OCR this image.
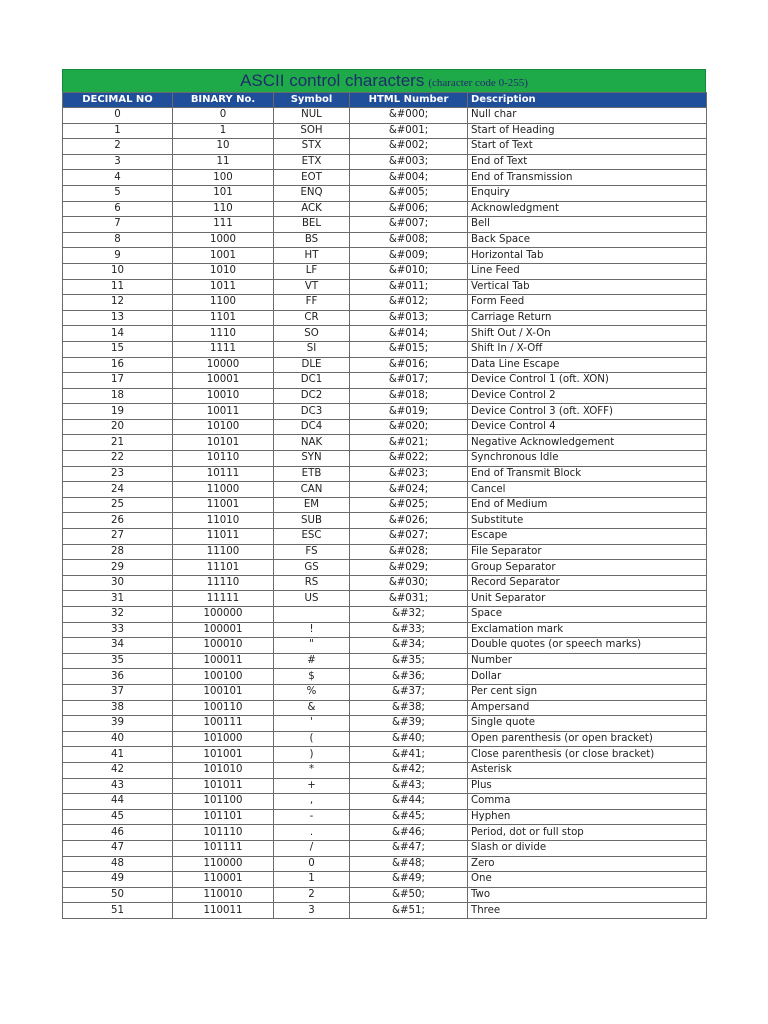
ASCII control characters (character code 0-255)
DECIMAL NO	BINARY No.	Symbol	HTML Number	Description
0	0	NUL	&#000;	Null char
1	1	SOH	&#001;	Start of Heading
2	10	STX	&#002;	Start of Text
3	11	ETX	&#003;	End of Text
4	100	EOT	&#004;	End of Transmission
5	101	ENQ	&#005;	Enquiry
6	110	ACK	&#006;	Acknowledgment
7	111	BEL	&#007;	Bell
8	1000	BS	&#008;	Back Space
9	1001	HT	&#009;	Horizontal Tab
10	1010	LF	&#010;	Line Feed
11	1011	VT	&#011;	Vertical Tab
12	1100	FF	&#012;	Form Feed
13	1101	CR	&#013;	Carriage Return
14	1110	SO	&#014;	Shift Out / X-On
15	1111	SI	&#015;	Shift In / X-Off
16	10000	DLE	&#016;	Data Line Escape
17	10001	DC1	&#017;	Device Control 1 (oft. XON)
18	10010	DC2	&#018;	Device Control 2
19	10011	DC3	&#019;	Device Control 3 (oft. XOFF)
20	10100	DC4	&#020;	Device Control 4
21	10101	NAK	&#021;	Negative Acknowledgement
22	10110	SYN	&#022;	Synchronous Idle
23	10111	ETB	&#023;	End of Transmit Block
24	11000	CAN	&#024;	Cancel
25	11001	EM	&#025;	End of Medium
26	11010	SUB	&#026;	Substitute
27	11011	ESC	&#027;	Escape
28	11100	FS	&#028;	File Separator
29	11101	GS	&#029;	Group Separator
30	11110	RS	&#030;	Record Separator
31	11111	US	&#031;	Unit Separator
32	100000		&#32;	Space
33	100001	!	&#33;	Exclamation mark
34	100010	"	&#34;	Double quotes (or speech marks)
35	100011	#	&#35;	Number
36	100100	$	&#36;	Dollar
37	100101	%	&#37;	Per cent sign
38	100110	&	&#38;	Ampersand
39	100111	'	&#39;	Single quote
40	101000	(	&#40;	Open parenthesis (or open bracket)
41	101001	)	&#41;	Close parenthesis (or close bracket)
42	101010	*	&#42;	Asterisk
43	101011	+	&#43;	Plus
44	101100	,	&#44;	Comma
45	101101	-	&#45;	Hyphen
46	101110	.	&#46;	Period, dot or full stop
47	101111	/	&#47;	Slash or divide
48	110000	0	&#48;	Zero
49	110001	1	&#49;	One
50	110010	2	&#50;	Two
51	110011	3	&#51;	Three
